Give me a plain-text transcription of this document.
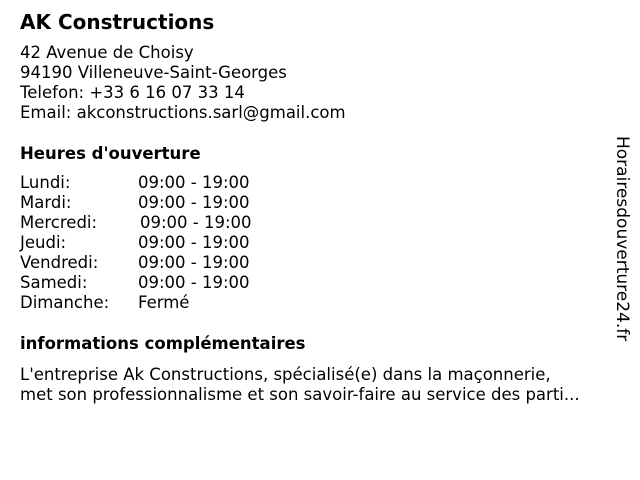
AK Constructions
42 Avenue de Choisy
94190 Villeneuve-Saint-Georges
Telefon: +33 6 16 07 33 14
Email: akconstructions.sarl@gmail.com
Heures d'ouverture
Lundi:	09:00 - 19:00
Mardi:	09:00 - 19:00
Mercredi:	09:00 - 19:00
Jeudi:	09:00 - 19:00
Vendredi: 09:00 - 19:00
Samedi:	09:00 - 19:00
Dimanche: Fermé
informations complémentaires
L'entreprise Ak Constructions, spécialisé(e) dans la maçonnerie,
met son professionnalisme et son savoir-faire au service des parti...
Horairesdouverture24.fr
